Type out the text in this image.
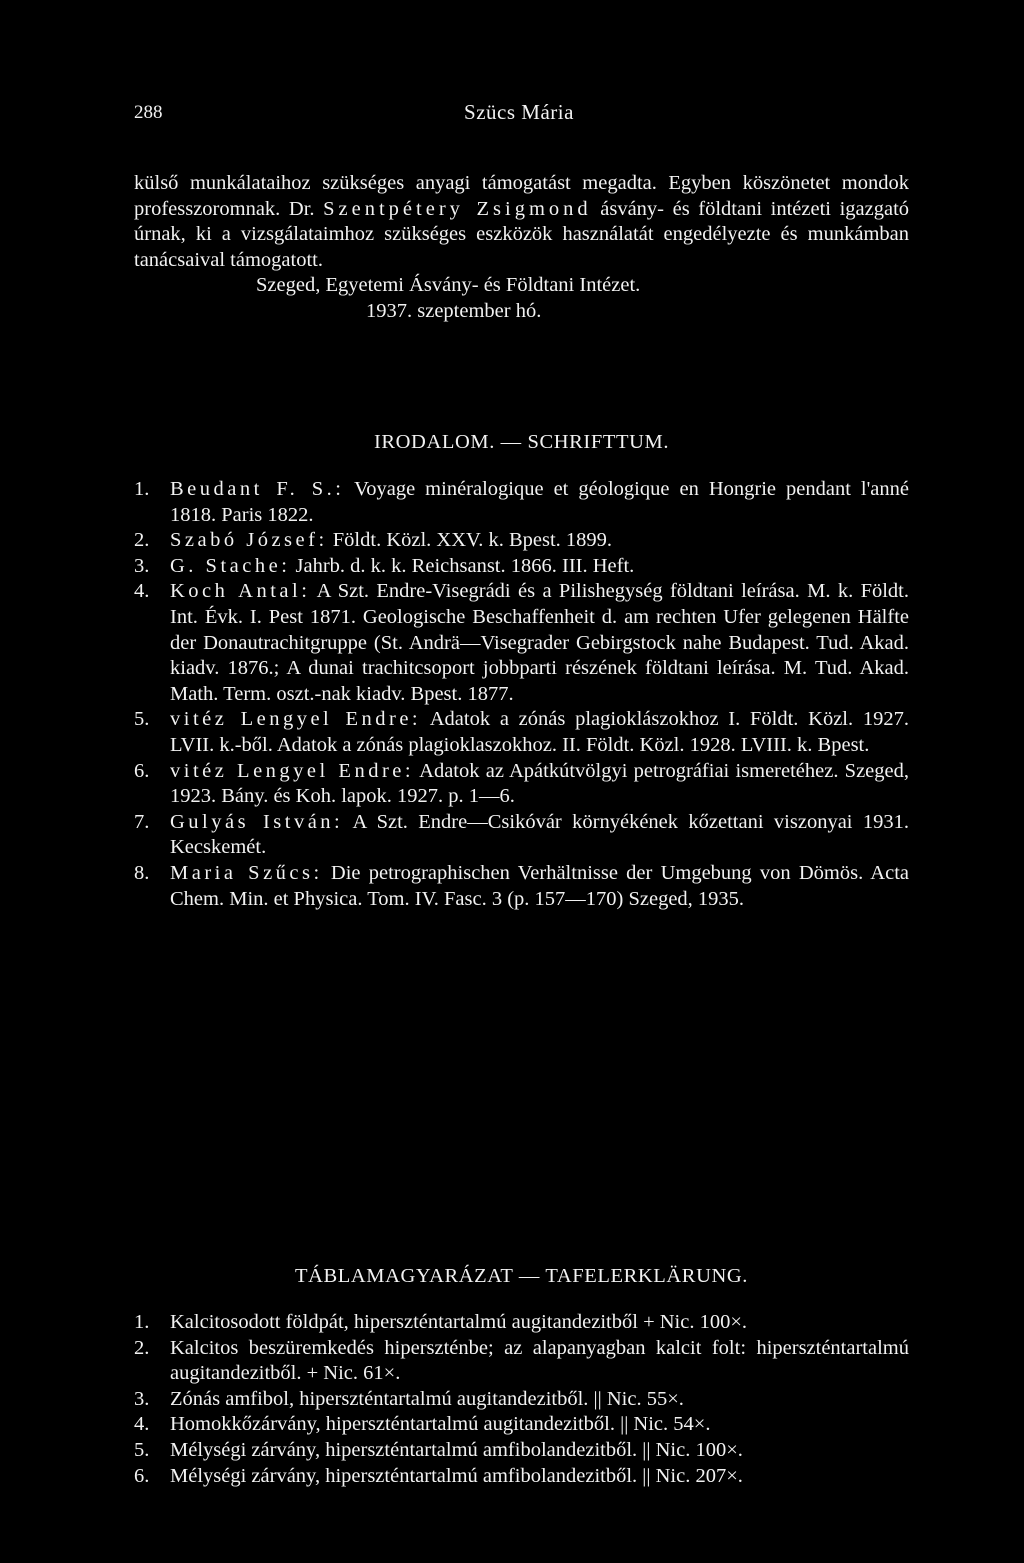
288	Szücs Mária

külső munkálataihoz szükséges anyagi támogatást megadta. Egyben köszönetet mondok professzoromnak. Dr. Szentpétery Zsigmond ásvány- és földtani intézeti igazgató úrnak, ki a vizsgálataimhoz szükséges eszközök használatát engedélyezte és munkámban tanácsaival támogatott.

Szeged, Egyetemi Ásvány- és Földtani Intézet.

1937. szeptember hó.

IRODALOM. — SCHRIFTTUM.
1. Beudant F. S.: Voyage minéralogique et géologique en Hongrie pendant l'anné 1818. Paris 1822.
2. Szabó József: Földt. Közl. XXV. k. Bpest. 1899.
3. G. Stache: Jahrb. d. k. k. Reichsanst. 1866. III. Heft.
4. Koch Antal: A Szt. Endre-Visegrádi és a Pilishegység földtani leírása. M. k. Földt. Int. Évk. I. Pest 1871. Geologische Beschaffenheit d. am rechten Ufer gelegenen Hälfte der Donautrachitgruppe (St. Andrä—Visegrader Gebirgstock nahe Budapest. Tud. Akad. kiadv. 1876.; A dunai trachitcsoport jobbparti részének földtani leírása. M. Tud. Akad. Math. Term. oszt.-nak kiadv. Bpest. 1877.
5. vitéz Lengyel Endre: Adatok a zónás plagioklászokhoz I. Földt. Közl. 1927. LVII. k.-ből. Adatok a zónás plagioklaszokhoz. II. Földt. Közl. 1928. LVIII. k. Bpest.
6. vitéz Lengyel Endre: Adatok az Apátkútvölgyi petrográfiai ismeretéhez. Szeged, 1923. Bány. és Koh. lapok. 1927. p. 1—6.
7. Gulyás István: A Szt. Endre—Csikóvár környékének kőzettani viszonyai 1931. Kecskemét.
8. Maria Szűcs: Die petrographischen Verhältnisse der Umgebung von Dömös. Acta Chem. Min. et Physica. Tom. IV. Fasc. 3 (p. 157—170) Szeged, 1935.
TÁBLAMAGYARÁZAT — TAFELERKLÄRUNG.
1. Kalcitosodott földpát, hiperszténtartalmú augitandezitből + Nic. 100×.
2. Kalcitos beszüremkedés hiperszténbe; az alapanyagban kalcit folt: hiperszténtartalmú augitandezitből. + Nic. 61×.
3. Zónás amfibol, hiperszténtartalmú augitandezitből. || Nic. 55×.
4. Homokkőzárvány, hiperszténtartalmú augitandezitből. || Nic. 54×.
5. Mélységi zárvány, hiperszténtartalmú amfibolandezitből. || Nic. 100×.
6. Mélységi zárvány, hiperszténtartalmú amfibolandezitből. || Nic. 207×.
